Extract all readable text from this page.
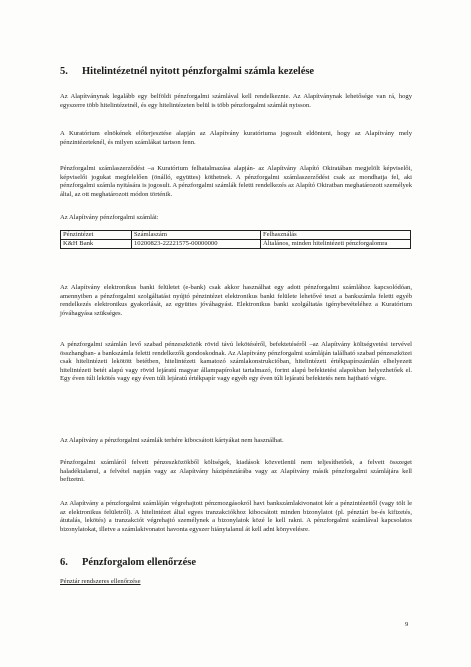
5. Hitelintézetnél nyitott pénzforgalmi számla kezelése

Az Alapítványnak legalább egy belföldi pénzforgalmi számlával kell rendelkeznie. Az Alapítványnak lehetősége van rá, hogy egyszerre több hitelintézetnél, és egy hitelintézeten belül is több pénzforgalmi számlát nyisson.

A Kuratórium elnökének előterjesztése alapján az Alapítvány kuratóriuma jogosult eldönteni, hogy az Alapítvány mely pénzintézeteknél, és milyen számlákat tartson fenn.

Pénzforgalmi számlaszerződést –a Kuratórium felhatalmazása alapján- az Alapítvány Alapító Okiratában megjelölt képviselői, képviselői jogukat megfelelően (önálló, együttes) köthetnek. A pénzforgalmi számlaszerződést csak az mondhatja fel, aki pénzforgalmi számla nyitására is jogosult. A pénzforgalmi számlák feletti rendelkezés az Alapító Okiratban meghatározott személyek által, az ott meghatározott módon történik.

Az Alapítvány pénzforgalmi számlái:

Pénzintézet	Számlaszám	Felhasználás
K&H Bank	10200823-22221575-00000000	Általános, minden hitelintézeti pénzforgalomra

Az Alapítvány elektronikus banki felületet (e-bank) csak akkor használhat egy adott pénzforgalmi számlához kapcsolódóan, amennyiben a pénzforgalmi szolgáltatást nyújtó pénzintézet elektronikus banki felülete lehetővé teszi a bankszámla feletti egyéb rendelkezés elektronikus gyakorlását, az együttes jóváhagyást. Elektronikus banki szolgáltatás igénybevételéhez a Kuratórium jóváhagyása szükséges.

A pénzforgalmi számlán levő szabad pénzeszközök rövid távú lekötéséről, befektetéséről –az Alapítvány költségvetési tervével összhangban- a bankszámla feletti rendelkezők gondoskodnak. Az Alapítvány pénzforgalmi számláján található szabad pénzeszközei csak hitelintézeti lekötött betétben, hitelintézeti kamatozó számlakonstrukcióban, hitelintézeti értékpapírszámlán elhelyezett hitelintézeti betét alapú vagy rövid lejáratú magyar állampapírokat tartalmazó, forint alapú befektetési alapokban helyezhetőek el. Egy éven túli lekötés vagy egy éven túli lejáratú értékpapír vagy egyéb egy éven túli lejáratú befektetés nem hajtható végre.

Az Alapítvány a pénzforgalmi számlák terhére kibocsátott kártyákat nem használhat.

Pénzforgalmi számláról felvett pénzeszközökből költségek, kiadások közvetlenül nem teljesíthetőek, a felvett összeget haladéktalanul, a felvétel napján vagy az Alapítvány házipénztárába vagy az Alapítvány másik pénzforgalmi számlájára kell befizetni.

Az Alapítvány a pénzforgalmi számláján végrehajtott pénzmozgásokról havi bankszámlakivonatot kér a pénzintézettől (vagy tölt le az elektronikus felületről). A hitelintézet által egyes tranzakciókhoz kibocsátott minden bizonylatot (pl. pénztári be-és kifizetés, átutalás, lekötés) a tranzakciót végrehajtó személynek a bizonylatok közé le kell rakni. A pénzforgalmi számlával kapcsolatos bizonylatokat, illetve a számlakivonatot havonta egyszer hiánytalanul át kell adni könyvelésre.

6. Pénzforgalom ellenőrzése

Pénztár rendszeres ellenőrzése

9
